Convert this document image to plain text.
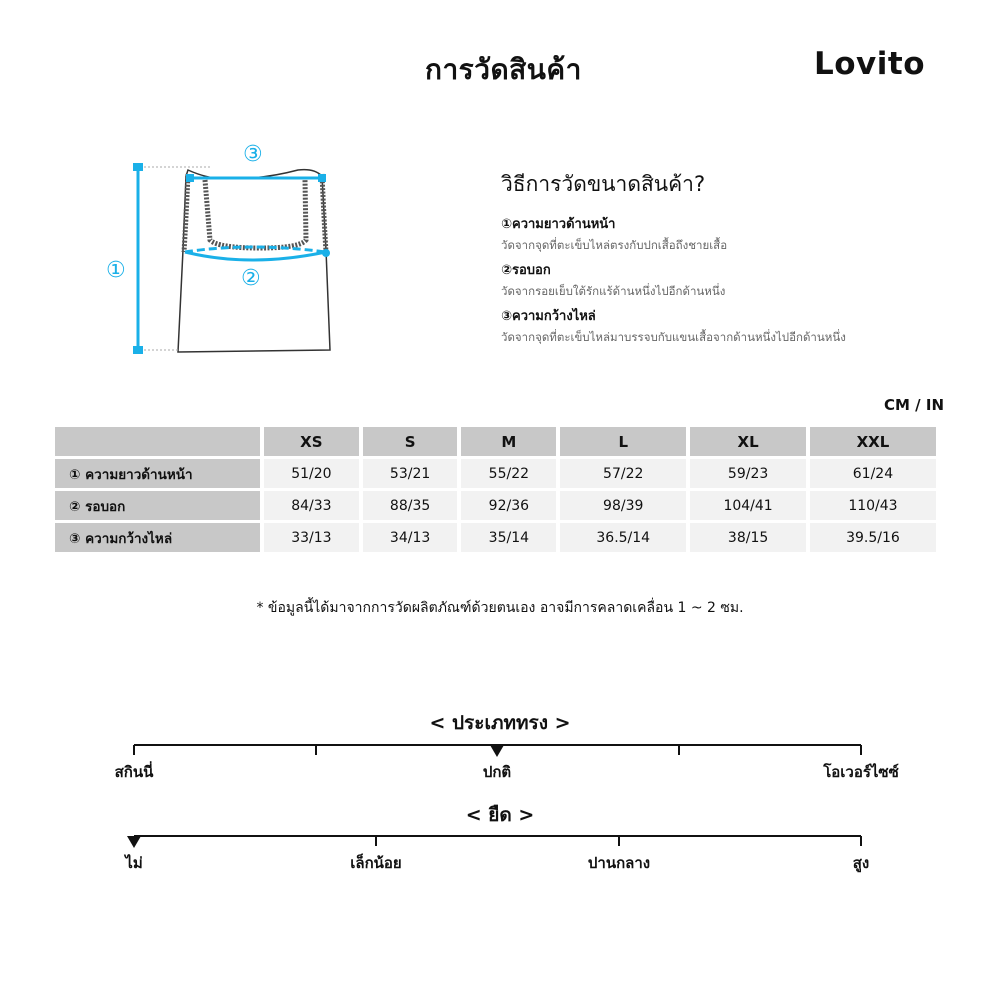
การวัดสินค้า	Lovito
①	②
③
วิธีการวัดขนาดสินค้า?
①ความยาวด้านหน้า
วัดจากจุดที่ตะเข็บไหล่ตรงกับปกเสื้อถึงชายเสื้อ
②รอบอก
วัดจากรอยเย็บใต้รักแร้ด้านหนึ่งไปอีกด้านหนึ่ง
③ความกว้างไหล่
วัดจากจุดที่ตะเข็บไหล่มาบรรจบกับแขนเสื้อจากด้านหนึ่งไปอีกด้านหนึ่ง
CM / IN
	XS	S	M	L	XL	XXL
① ความยาวด้านหน้า	51/20	53/21	55/22	57/22	59/23	61/24
② รอบอก	84/33	88/35	92/36	98/39	104/41	110/43
③ ความกว้างไหล่	33/13	34/13	35/14	36.5/14	38/15	39.5/16
* ข้อมูลนี้ได้มาจากการวัดผลิตภัณฑ์ด้วยตนเอง อาจมีการคลาดเคลื่อน 1 ~ 2 ซม.
< ประเภททรง >
สกินนี่	ปกติ	โอเวอร์ไซซ์
< ยืด >
ไม่	เล็กน้อย	ปานกลาง	สูง
